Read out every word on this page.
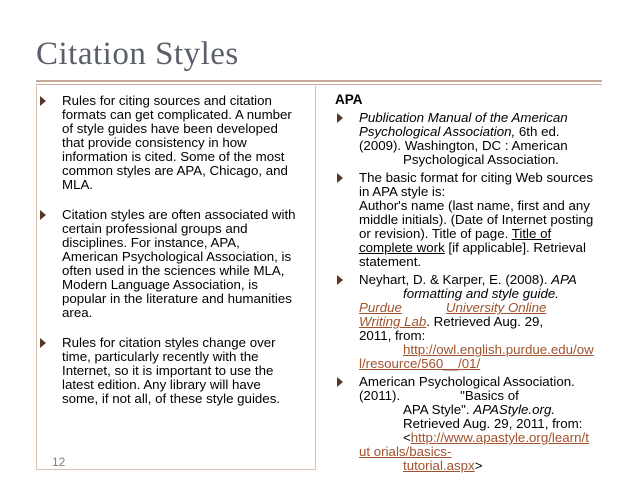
Citation Styles
Rules for citing sources and citation
formats can get complicated. A number
of style guides have been developed
that provide consistency in how
information is cited. Some of the most
common styles are APA, Chicago, and
MLA.
Citation styles are often associated with
certain professional groups and
disciplines. For instance, APA,
American Psychological Association, is
often used in the sciences while MLA,
Modern Language Association, is
popular in the literature and humanities
area.
Rules for citation styles change over
time, particularly recently with the
Internet, so it is important to use the
latest edition. Any library will have
some, if not all, of these style guides.
12
APA
Publication Manual of the American
Psychological Association, 6th ed.
(2009). Washington, DC : American
Psychological Association.
The basic format for citing Web sources
in APA style is:
Author's name (last name, first and any
middle initials). (Date of Internet posting
or revision). Title of page. Title of
complete work [if applicable]. Retrieval
statement.
Neyhart, D. & Karper, E. (2008). APA
formatting and style guide.
Purdue	University Online
Writing Lab. Retrieved Aug. 29,
2011, from:
http://owl.english.purdue.edu/ow
l/resource/560__/01/
American Psychological Association.
(2011).	"Basics of
APA Style". APAStyle.org.
Retrieved Aug. 29, 2011, from:
<http://www.apastyle.org/learn/t
ut orials/basics-
tutorial.aspx>
